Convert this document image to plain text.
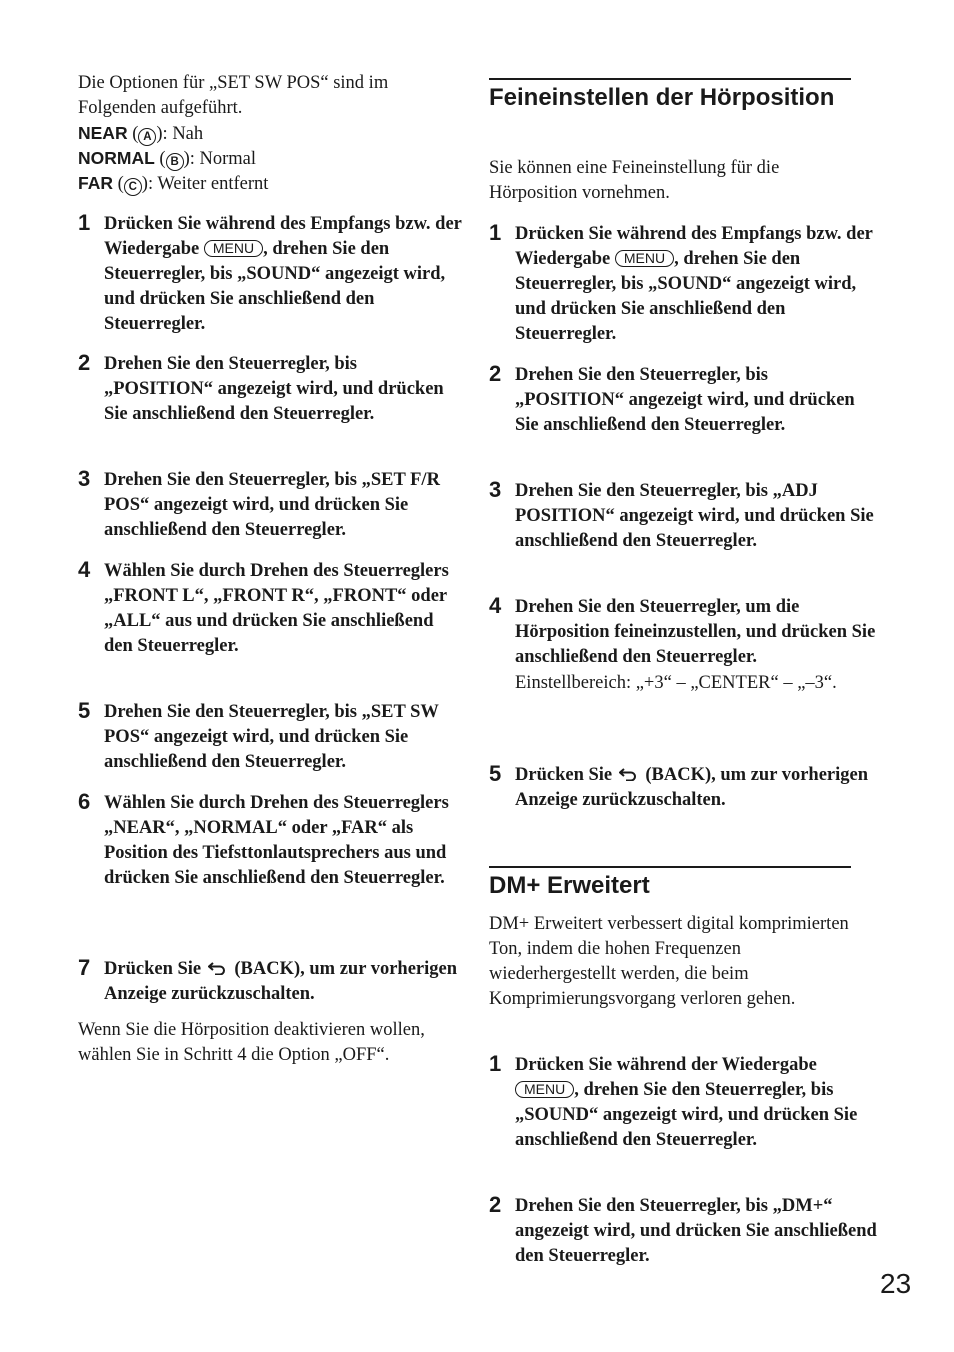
Die Optionen für „SET SW POS“ sind im Folgenden aufgeführt.

NEAR ( A ): Nah
NORMAL ( B ): Normal
FAR ( C ): Weiter entfernt
1 Drücken Sie während des Empfangs bzw. der Wiedergabe MENU , drehen Sie den Steuerregler, bis „SOUND“ angezeigt wird, und drücken Sie anschließend den Steuerregler.
2 Drehen Sie den Steuerregler, bis „POSITION“ angezeigt wird, und drücken Sie anschließend den Steuerregler.
3 Drehen Sie den Steuerregler, bis „SET F/R POS“ angezeigt wird, und drücken Sie anschließend den Steuerregler.
4 Wählen Sie durch Drehen des Steuerreglers „FRONT L“, „FRONT R“, „FRONT“ oder „ALL“ aus und drücken Sie anschließend den Steuerregler.
5 Drehen Sie den Steuerregler, bis „SET SW POS“ angezeigt wird, und drücken Sie anschließend den Steuerregler.
6 Wählen Sie durch Drehen des Steuerreglers „NEAR“, „NORMAL“ oder „FAR“ als Position des Tiefsttonlautsprechers aus und drücken Sie anschließend den Steuerregler.
7 Drücken Sie  (BACK), um zur vorherigen Anzeige zurückzuschalten.

Wenn Sie die Hörposition deaktivieren wollen, wählen Sie in Schritt 4 die Option „OFF“.

Feineinstellen der Hörposition

Sie können eine Feineinstellung für die Hörposition vornehmen.

1 Drücken Sie während des Empfangs bzw. der Wiedergabe MENU , drehen Sie den Steuerregler, bis „SOUND“ angezeigt wird, und drücken Sie anschließend den Steuerregler.
2 Drehen Sie den Steuerregler, bis „POSITION“ angezeigt wird, und drücken Sie anschließend den Steuerregler.
3 Drehen Sie den Steuerregler, bis „ADJ POSITION“ angezeigt wird, und drücken Sie anschließend den Steuerregler.
4 Drehen Sie den Steuerregler, um die Hörposition feineinzustellen, und drücken Sie anschließend den Steuerregler.
Einstellbereich: „+3“ – „CENTER“ – „–3“.
5 Drücken Sie  (BACK), um zur vorherigen Anzeige zurückzuschalten.
DM+ Erweitert

DM+ Erweitert verbessert digital komprimierten Ton, indem die hohen Frequenzen wiederhergestellt werden, die beim Komprimierungsvorgang verloren gehen.

1 Drücken Sie während der Wiedergabe MENU , drehen Sie den Steuerregler, bis „SOUND“ angezeigt wird, und drücken Sie anschließend den Steuerregler.
2 Drehen Sie den Steuerregler, bis „DM+“ angezeigt wird, und drücken Sie anschließend den Steuerregler.
23
